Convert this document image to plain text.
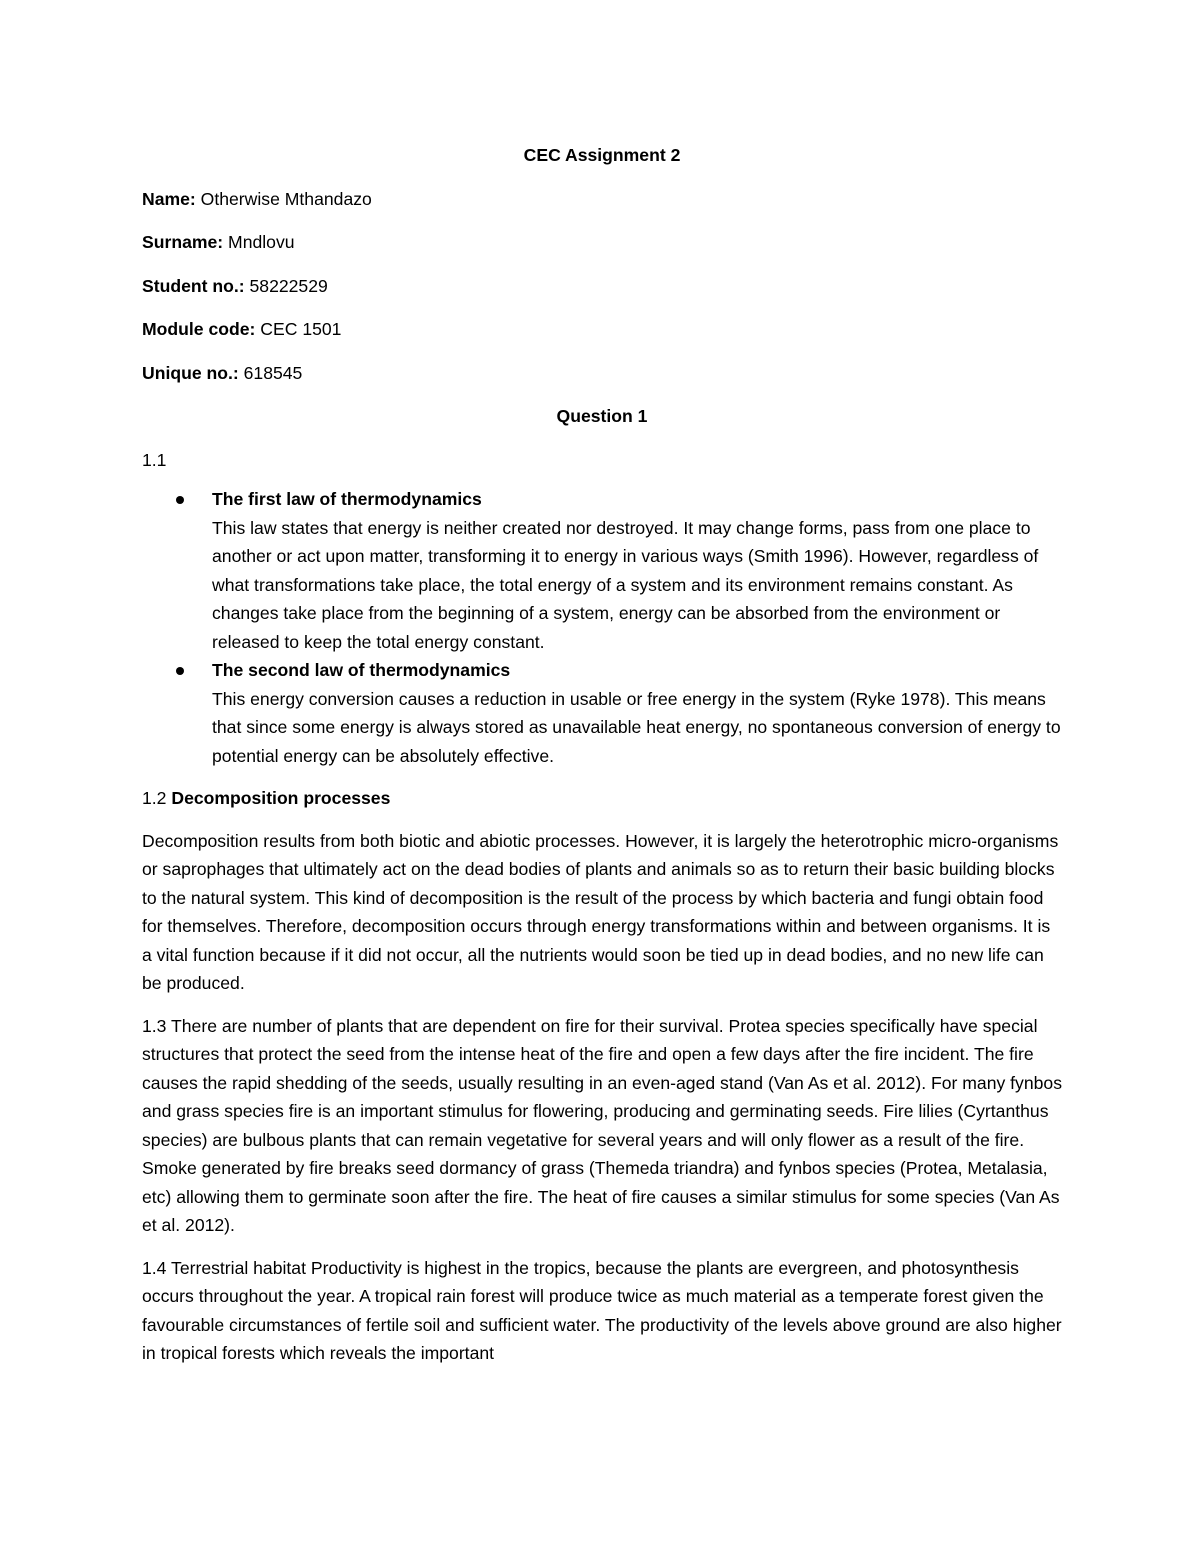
CEC Assignment 2
Name: Otherwise Mthandazo
Surname: Mndlovu
Student no.: 58222529
Module code: CEC 1501
Unique no.: 618545
Question 1
1.1
The first law of thermodynamics
This law states that energy is neither created nor destroyed. It may change forms, pass from one place to another or act upon matter, transforming it to energy in various ways (Smith 1996). However, regardless of what transformations take place, the total energy of a system and its environment remains constant. As changes take place from the beginning of a system, energy can be absorbed from the environment or released to keep the total energy constant.
The second law of thermodynamics
This energy conversion causes a reduction in usable or free energy in the system (Ryke 1978). This means that since some energy is always stored as unavailable heat energy, no spontaneous conversion of energy to potential energy can be absolutely effective.
1.2 Decomposition processes

Decomposition results from both biotic and abiotic processes. However, it is largely the heterotrophic micro-organisms or saprophages that ultimately act on the dead bodies of plants and animals so as to return their basic building blocks to the natural system. This kind of decomposition is the result of the process by which bacteria and fungi obtain food for themselves. Therefore, decomposition occurs through energy transformations within and between organisms. It is a vital function because if it did not occur, all the nutrients would soon be tied up in dead bodies, and no new life can be produced.

1.3 There are number of plants that are dependent on fire for their survival. Protea species specifically have special structures that protect the seed from the intense heat of the fire and open a few days after the fire incident. The fire causes the rapid shedding of the seeds, usually resulting in an even-aged stand (Van As et al. 2012). For many fynbos and grass species fire is an important stimulus for flowering, producing and germinating seeds. Fire lilies (Cyrtanthus species) are bulbous plants that can remain vegetative for several years and will only flower as a result of the fire. Smoke generated by fire breaks seed dormancy of grass (Themeda triandra) and fynbos species (Protea, Metalasia, etc) allowing them to germinate soon after the fire. The heat of fire causes a similar stimulus for some species (Van As et al. 2012).

1.4 Terrestrial habitat Productivity is highest in the tropics, because the plants are evergreen, and photosynthesis occurs throughout the year. A tropical rain forest will produce twice as much material as a temperate forest given the favourable circumstances of fertile soil and sufficient water. The productivity of the levels above ground are also higher in tropical forests which reveals the important
